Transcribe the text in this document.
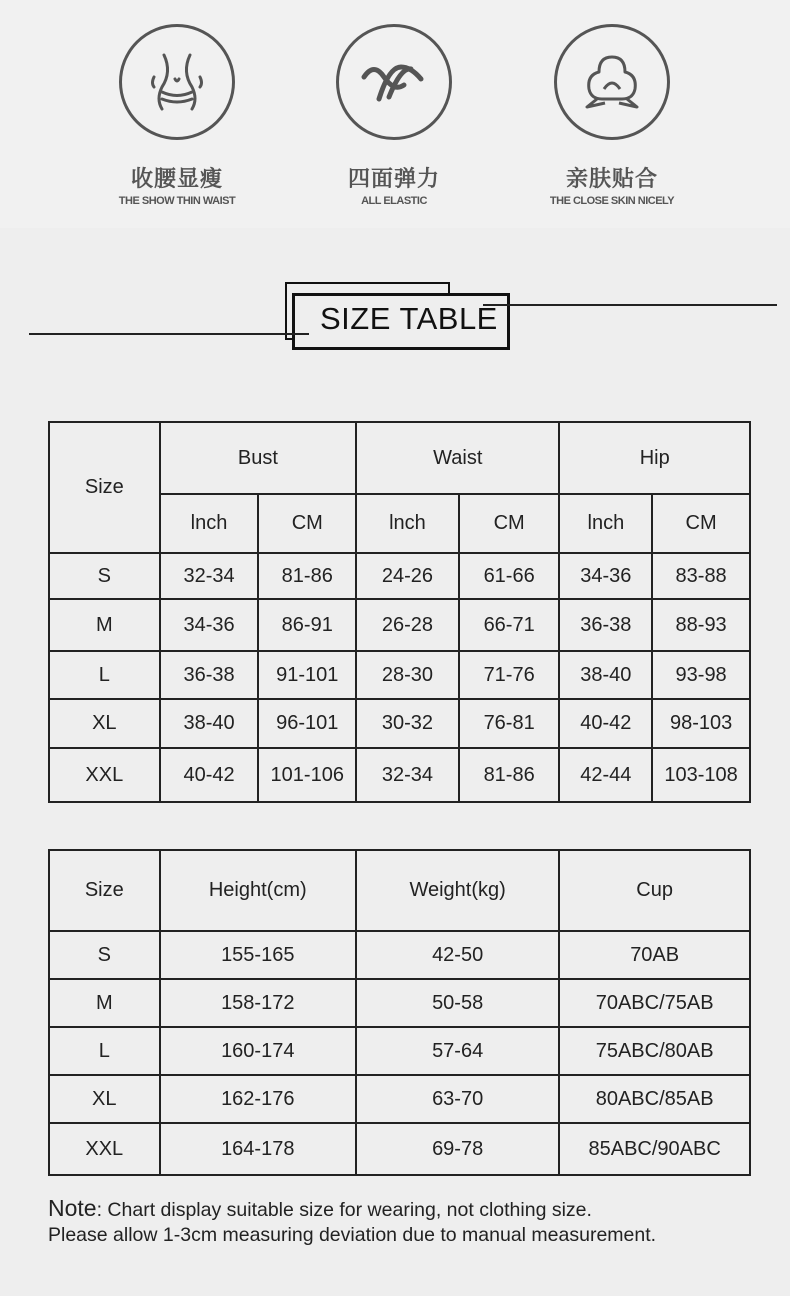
收腰显瘦
THE SHOW THIN WAIST
四面弹力
ALL ELASTIC
亲肤贴合
THE CLOSE SKIN NICELY
SIZE TABLE
Size	Bust		Waist		Hip	
	lnch	CM	lnch	CM	lnch	CM
S	32-34	81-86	24-26	61-66	34-36	83-88
M	34-36	86-91	26-28	66-71	36-38	88-93
L	36-38	91-101	28-30	71-76	38-40	93-98
XL	38-40	96-101	30-32	76-81	40-42	98-103
XXL	40-42	101-106	32-34	81-86	42-44	103-108
Size	Height(cm)	Weight(kg)	Cup
S	155-165	42-50	70AB
M	158-172	50-58	70ABC/75AB
L	160-174	57-64	75ABC/80AB
XL	162-176	63-70	80ABC/85AB
XXL	164-178	69-78	85ABC/90ABC
Note: Chart display suitable size for wearing, not clothing size.
Please allow 1-3cm measuring deviation due to manual measurement.
